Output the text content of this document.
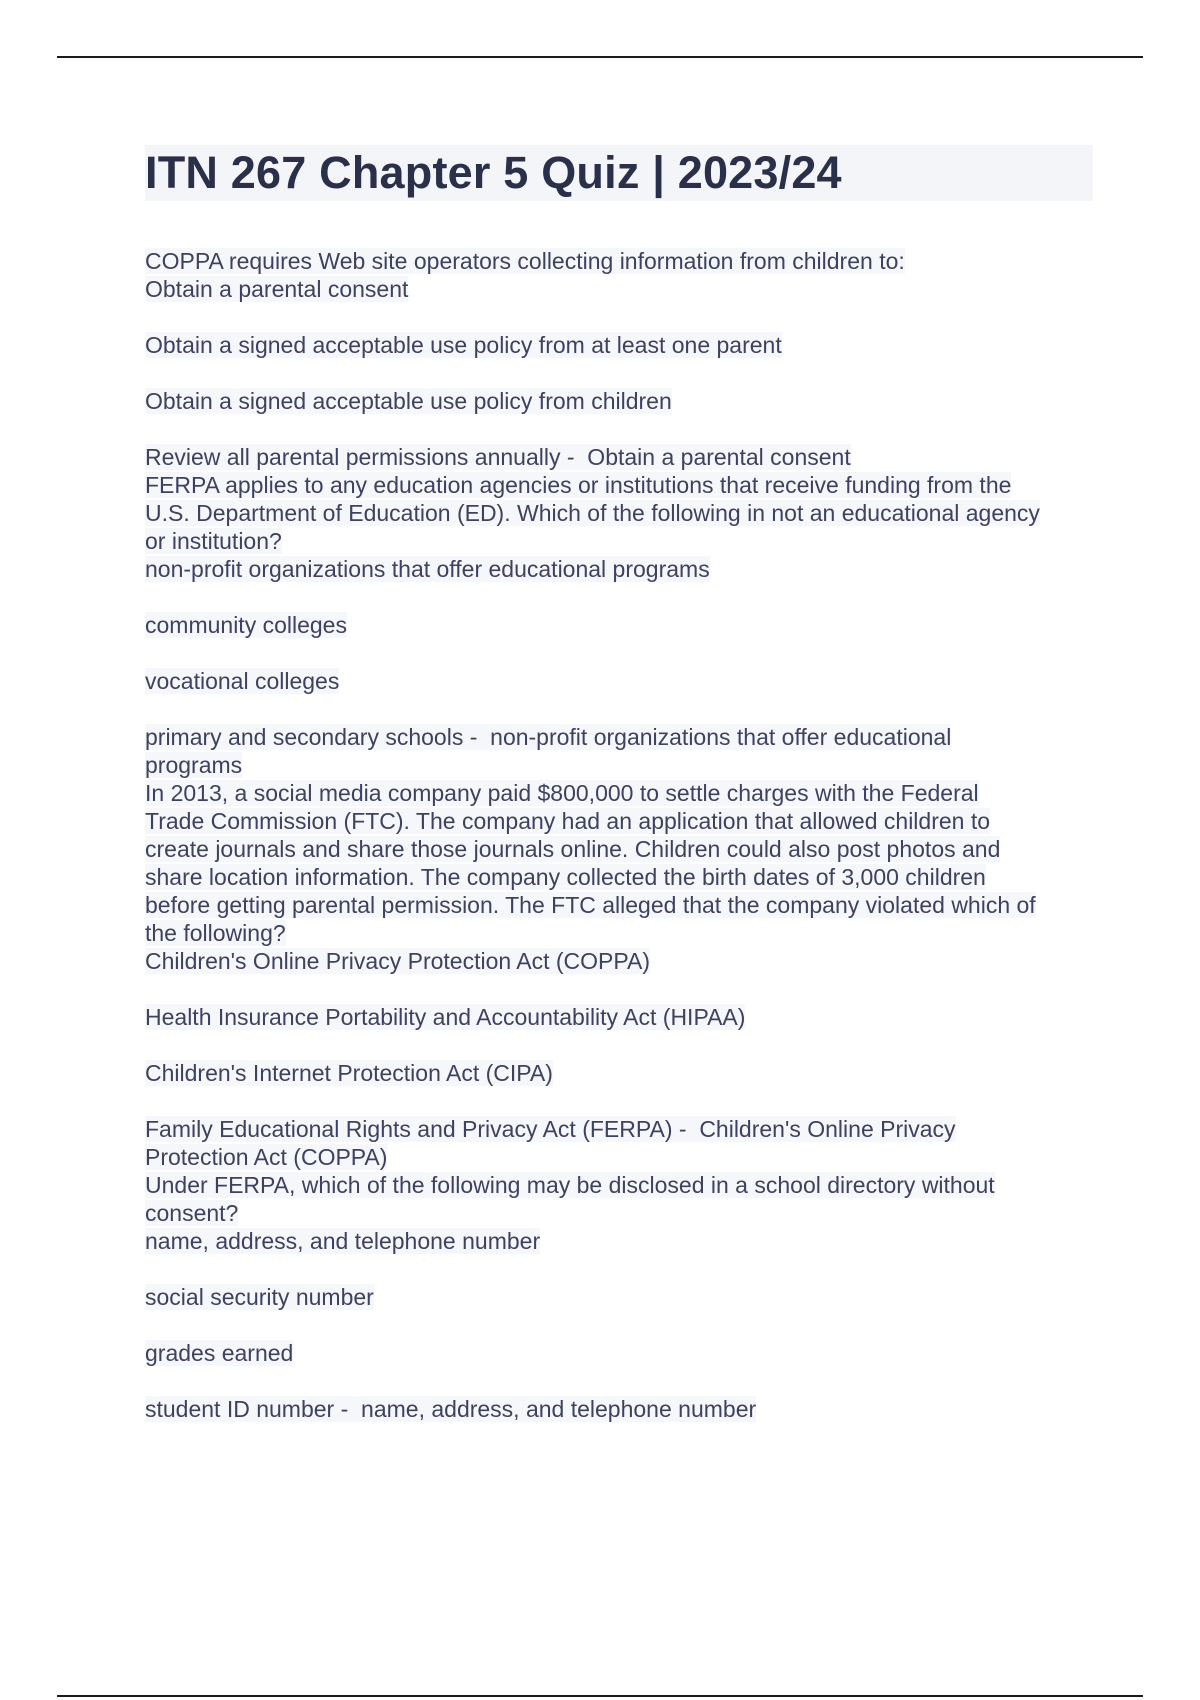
ITN 267 Chapter 5 Quiz | 2023/24
COPPA requires Web site operators collecting information from children to:
Obtain a parental consent
Obtain a signed acceptable use policy from at least one parent
Obtain a signed acceptable use policy from children
Review all parental permissions annually -  Obtain a parental consent
FERPA applies to any education agencies or institutions that receive funding from the
U.S. Department of Education (ED). Which of the following in not an educational agency
or institution?
non-profit organizations that offer educational programs
community colleges
vocational colleges
primary and secondary schools -  non-profit organizations that offer educational
programs
In 2013, a social media company paid $800,000 to settle charges with the Federal
Trade Commission (FTC). The company had an application that allowed children to
create journals and share those journals online. Children could also post photos and
share location information. The company collected the birth dates of 3,000 children
before getting parental permission. The FTC alleged that the company violated which of
the following?
Children's Online Privacy Protection Act (COPPA)
Health Insurance Portability and Accountability Act (HIPAA)
Children's Internet Protection Act (CIPA)
Family Educational Rights and Privacy Act (FERPA) -  Children's Online Privacy
Protection Act (COPPA)
Under FERPA, which of the following may be disclosed in a school directory without
consent?
name, address, and telephone number
social security number
grades earned
student ID number -  name, address, and telephone number
